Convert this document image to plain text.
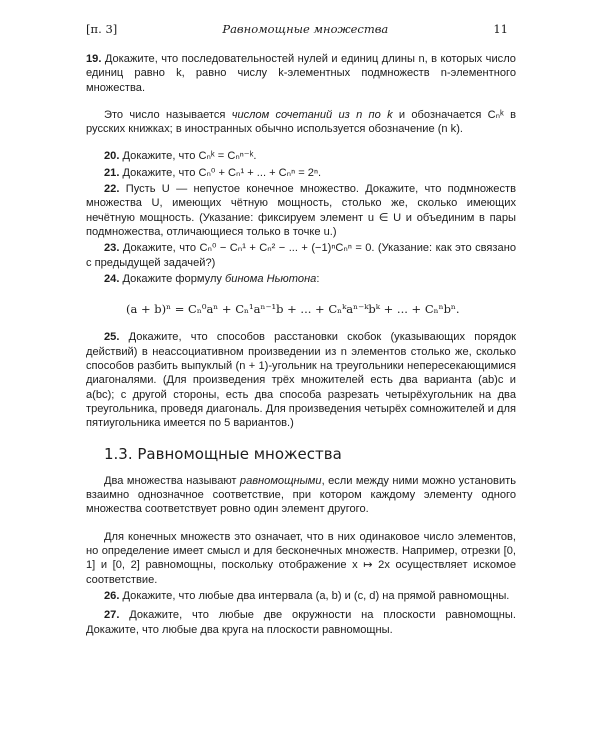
[п. 3]	Равномощные множества	11

19. Докажите, что последовательностей нулей и единиц длины n, в которых число единиц равно k, равно числу k-элементных подмножеств n-элементного множества.

Это число называется числом сочетаний из n по k и обозначается Cₙᵏ в русских книжках; в иностранных обычно используется обозначение (n k).

20. Докажите, что Cₙᵏ = Cₙⁿ⁻ᵏ.

21. Докажите, что Cₙ⁰ + Cₙ¹ + ... + Cₙⁿ = 2ⁿ.

22. Пусть U — непустое конечное множество. Докажите, что подмножеств множества U, имеющих чётную мощность, столько же, сколько имеющих нечётную мощность. (Указание: фиксируем элемент u ∈ U и объединим в пары подмножества, отличающиеся только в точке u.)

23. Докажите, что Cₙ⁰ − Cₙ¹ + Cₙ² − ... + (−1)ⁿCₙⁿ = 0. (Указание: как это связано с предыдущей задачей?)

24. Докажите формулу бинома Ньютона:

(a + b)ⁿ = Cₙ⁰aⁿ + Cₙ¹aⁿ⁻¹b + ... + Cₙᵏaⁿ⁻ᵏbᵏ + ... + Cₙⁿbⁿ.

25. Докажите, что способов расстановки скобок (указывающих порядок действий) в неассоциативном произведении из n элементов столько же, сколько способов разбить выпуклый (n + 1)-угольник на треугольники непересекающимися диагоналями. (Для произведения трёх множителей есть два варианта (ab)c и a(bc); с другой стороны, есть два способа разрезать четырёхугольник на два треугольника, проведя диагональ. Для произведения четырёх сомножителей и для пятиугольника имеется по 5 вариантов.)

1.3. Равномощные множества

Два множества называют равномощными, если между ними можно установить взаимно однозначное соответствие, при котором каждому элементу одного множества соответствует ровно один элемент другого.

Для конечных множеств это означает, что в них одинаковое число элементов, но определение имеет смысл и для бесконечных множеств. Например, отрезки [0, 1] и [0, 2] равномощны, поскольку отображение x ↦ 2x осуществляет искомое соответствие.

26. Докажите, что любые два интервала (a, b) и (c, d) на прямой равномощны.

27. Докажите, что любые две окружности на плоскости равномощны. Докажите, что любые два круга на плоскости равномощны.
